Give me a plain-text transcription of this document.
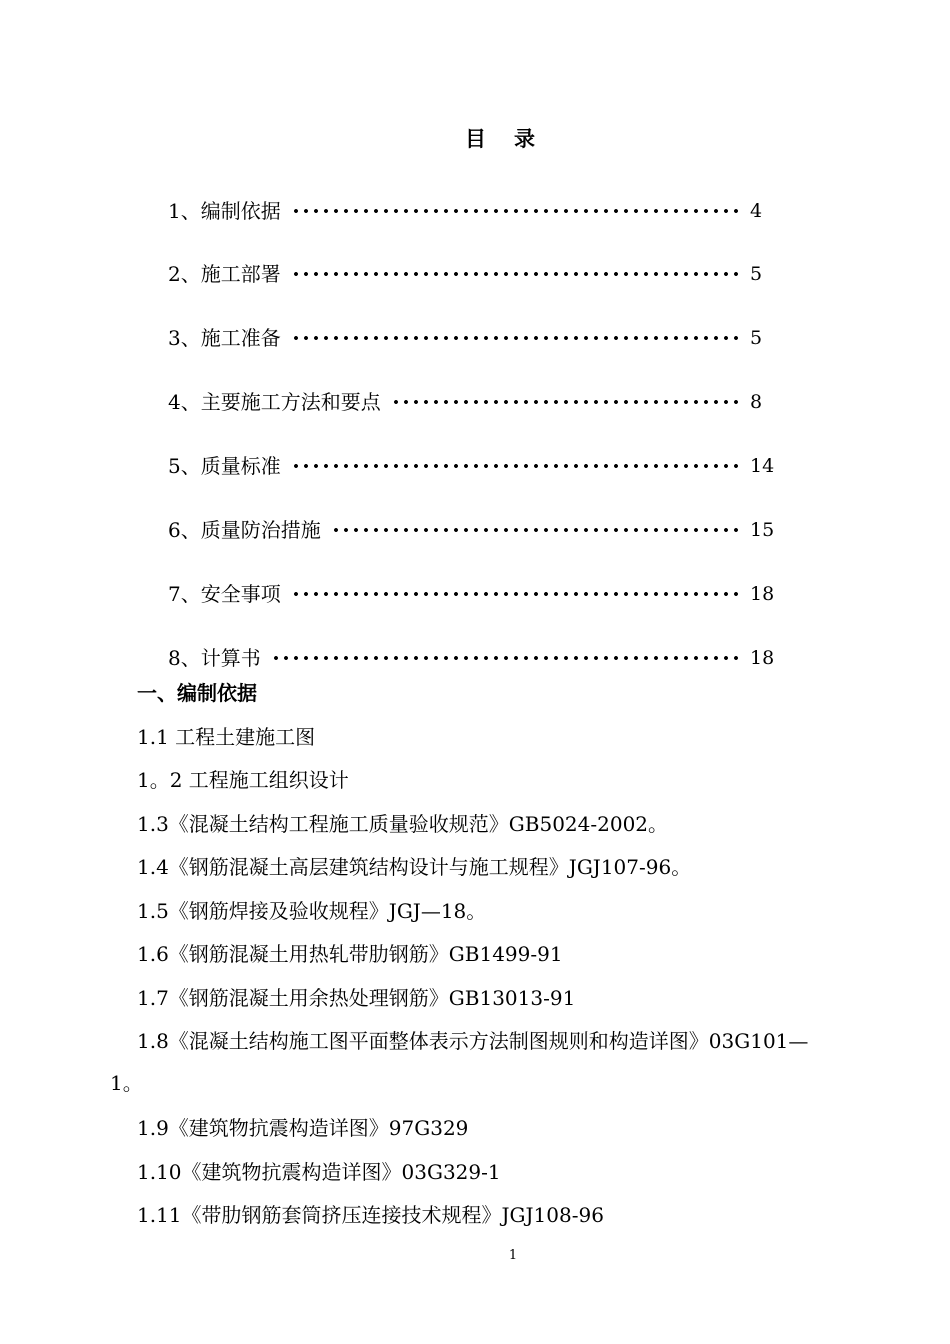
目 录
1、编制依据	4
2、施工部署	5
3、施工准备	5
4、主要施工方法和要点	8
5、质量标准	14
6、质量防治措施	15
7、安全事项	18
8、计算书	18
一、编制依据
1.1 工程土建施工图
1。2 工程施工组织设计
1.3《混凝土结构工程施工质量验收规范》GB5024-2002。
1.4《钢筋混凝土高层建筑结构设计与施工规程》JGJ107-96。
1.5《钢筋焊接及验收规程》JGJ—18。
1.6《钢筋混凝土用热轧带肋钢筋》GB1499-91
1.7《钢筋混凝土用余热处理钢筋》GB13013-91
1.8《混凝土结构施工图平面整体表示方法制图规则和构造详图》03G101—
1。
1.9《建筑物抗震构造详图》97G329
1.10《建筑物抗震构造详图》03G329-1
1.11《带肋钢筋套筒挤压连接技术规程》JGJ108-96
1
